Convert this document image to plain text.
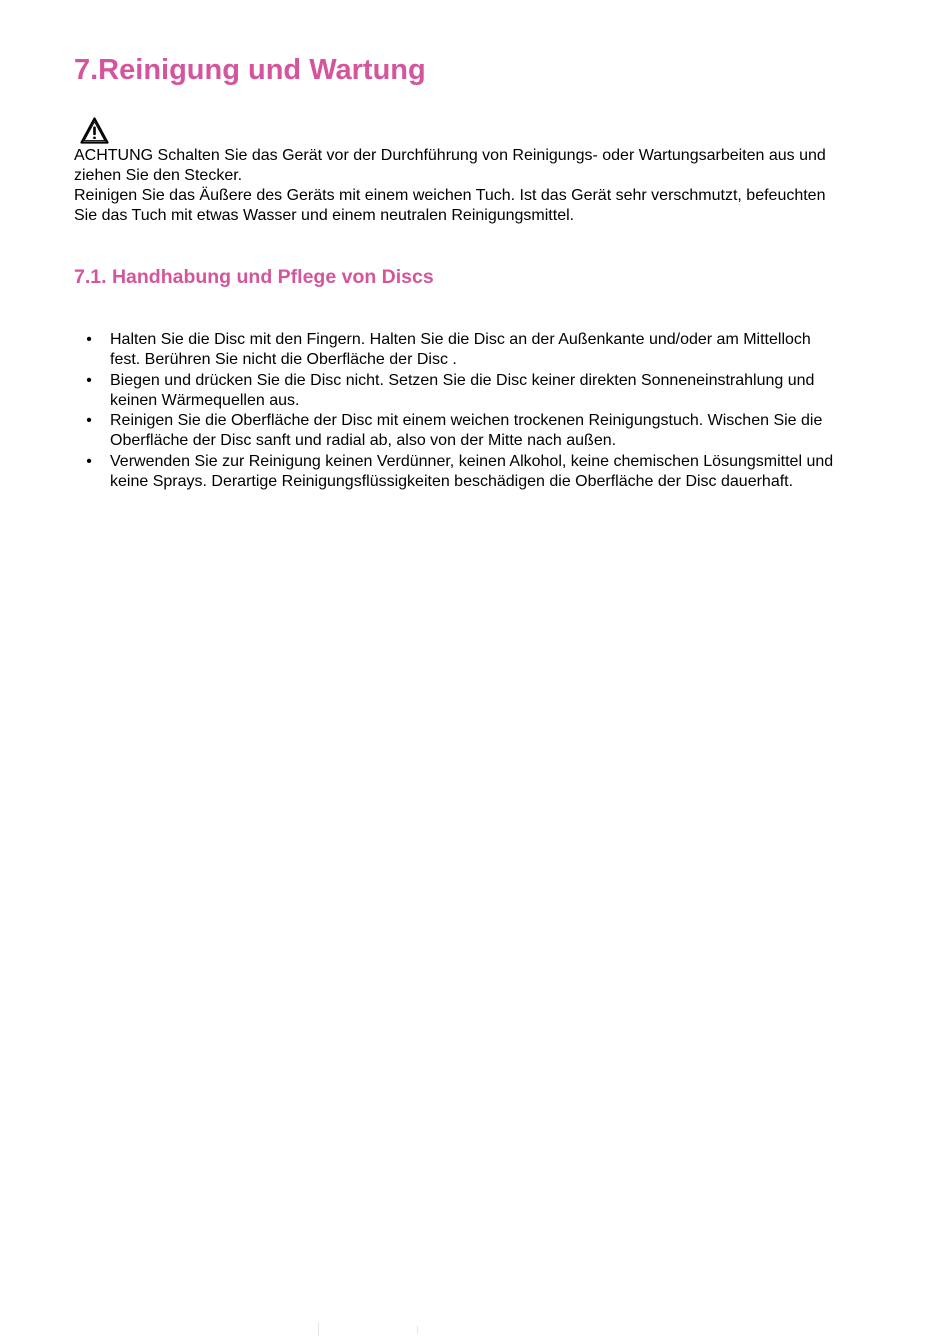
7.Reinigung und Wartung

ACHTUNG Schalten Sie das Gerät vor der Durchführung von Reinigungs- oder Wartungsarbeiten aus und ziehen Sie den Stecker.

Reinigen Sie das Äußere des Geräts mit einem weichen Tuch. Ist das Gerät sehr verschmutzt, befeuchten Sie das Tuch mit etwas Wasser und einem neutralen Reinigungsmittel.

7.1. Handhabung und Pflege von Discs
• Halten Sie die Disc mit den Fingern. Halten Sie die Disc an der Außenkante und/oder am Mittelloch fest. Berühren Sie nicht die Oberfläche der Disc .
• Biegen und drücken Sie die Disc nicht. Setzen Sie die Disc keiner direkten Sonneneinstrahlung und keinen Wärmequellen aus.
• Reinigen Sie die Oberfläche der Disc mit einem weichen trockenen Reinigungstuch. Wischen Sie die Oberfläche der Disc sanft und radial ab, also von der Mitte nach außen.
• Verwenden Sie zur Reinigung keinen Verdünner, keinen Alkohol, keine chemischen Lösungsmittel und keine Sprays. Derartige Reinigungsflüssigkeiten beschädigen die Oberfläche der Disc dauerhaft.
